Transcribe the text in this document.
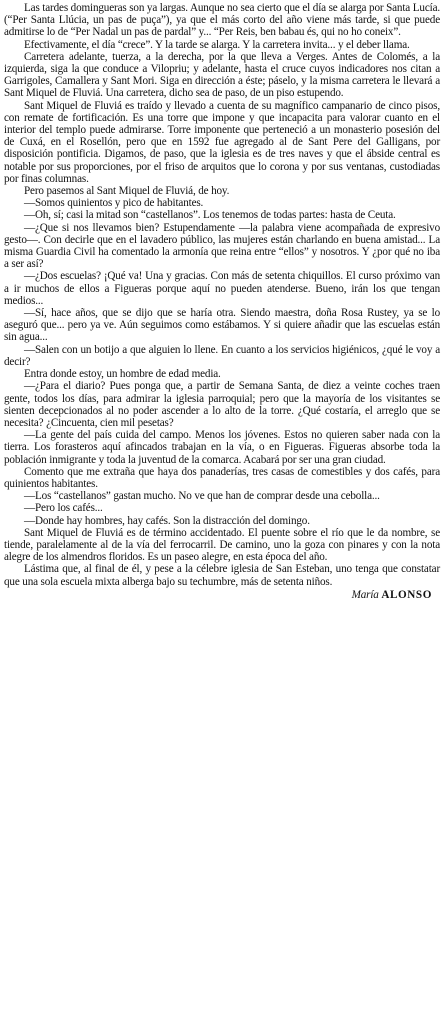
Las tardes domingueras son ya largas. Aunque no sea cierto que el día se alarga por Santa Lucía. (“Per Santa Llúcia, un pas de puça”), ya que el más corto del año viene más tarde, si que puede admitirse lo de “Per Nadal un pas de pardal” y... “Per Reis, ben babau és, qui no ho coneix”.

Efectivamente, el día “crece”. Y la tarde se alarga. Y la carretera invita... y el deber llama.

Carretera adelante, tuerza, a la derecha, por la que lleva a Verges. Antes de Colomés, a la izquierda, siga la que conduce a Vilopriu; y adelante, hasta el cruce cuyos indicadores nos citan a Garrigoles, Camallera y Sant Mori. Siga en dirección a éste; páselo, y la misma carretera le llevará a Sant Miquel de Fluviá. Una carretera, dicho sea de paso, de un piso estupendo.

Sant Miquel de Fluviá es traído y llevado a cuenta de su magnífico campanario de cinco pisos, con remate de fortificación. Es una torre que impone y que incapacita para valorar cuanto en el interior del templo puede admirarse. Torre imponente que perteneció a un monasterio posesión del de Cuxá, en el Rosellón, pero que en 1592 fue agregado al de Sant Pere del Galligans, por disposición pontificia. Digamos, de paso, que la iglesia es de tres naves y que el ábside central es notable por sus proporciones, por el friso de arquitos que lo corona y por sus ventanas, custodiadas por finas columnas.

Pero pasemos al Sant Miquel de Fluviá, de hoy.

—Somos quinientos y pico de habitantes.

—Oh, sí; casi la mitad son “castellanos”. Los tenemos de todas partes: hasta de Ceuta.

—¿Que si nos llevamos bien? Estupendamente —la palabra viene acompañada de expresivo gesto—. Con decirle que en el lavadero público, las mujeres están charlando en buena amistad... La misma Guardia Civil ha comentado la armonía que reina entre “ellos” y nosotros. Y ¿por qué no iba a ser así?

—¿Dos escuelas? ¡Qué va! Una y gracias. Con más de setenta chiquillos. El curso próximo van a ir muchos de ellos a Figueras porque aquí no pueden atenderse. Bueno, irán los que tengan medios...

—Sí, hace años, que se dijo que se haría otra. Siendo maestra, doña Rosa Rustey, ya se lo aseguró que... pero ya ve. Aún seguimos como estábamos. Y si quiere añadir que las escuelas están sin agua...

—Salen con un botijo a que alguien lo llene. En cuanto a los servicios higiénicos, ¿qué le voy a decir?

Entra donde estoy, un hombre de edad media.

—¿Para el diario? Pues ponga que, a partir de Semana Santa, de diez a veinte coches traen gente, todos los días, para admirar la iglesia parroquial; pero que la mayoría de los visitantes se sienten decepcionados al no poder ascender a lo alto de la torre. ¿Qué costaría, el arreglo que se necesita? ¿Cincuenta, cien mil pesetas?

—La gente del país cuida del campo. Menos los jóvenes. Estos no quieren saber nada con la tierra. Los forasteros aquí afincados trabajan en la vía, o en Figueras. Figueras absorbe toda la población inmigrante y toda la juventud de la comarca. Acabará por ser una gran ciudad.

Comento que me extraña que haya dos panaderías, tres casas de comestibles y dos cafés, para quinientos habitantes.

—Los “castellanos” gastan mucho. No ve que han de comprar desde una cebolla...

—Pero los cafés...

—Donde hay hombres, hay cafés. Son la distracción del domingo.

Sant Miquel de Fluviá es de término accidentado. El puente sobre el río que le da nombre, se tiende, paralelamente al de la vía del ferrocarril. De camino, uno la goza con pinares y con la nota alegre de los almendros floridos. Es un paseo alegre, en esta época del año.

Lástima que, al final de él, y pese a la célebre iglesia de San Esteban, uno tenga que constatar que una sola escuela mixta alberga bajo su techumbre, más de setenta niños.

María ALONSO
